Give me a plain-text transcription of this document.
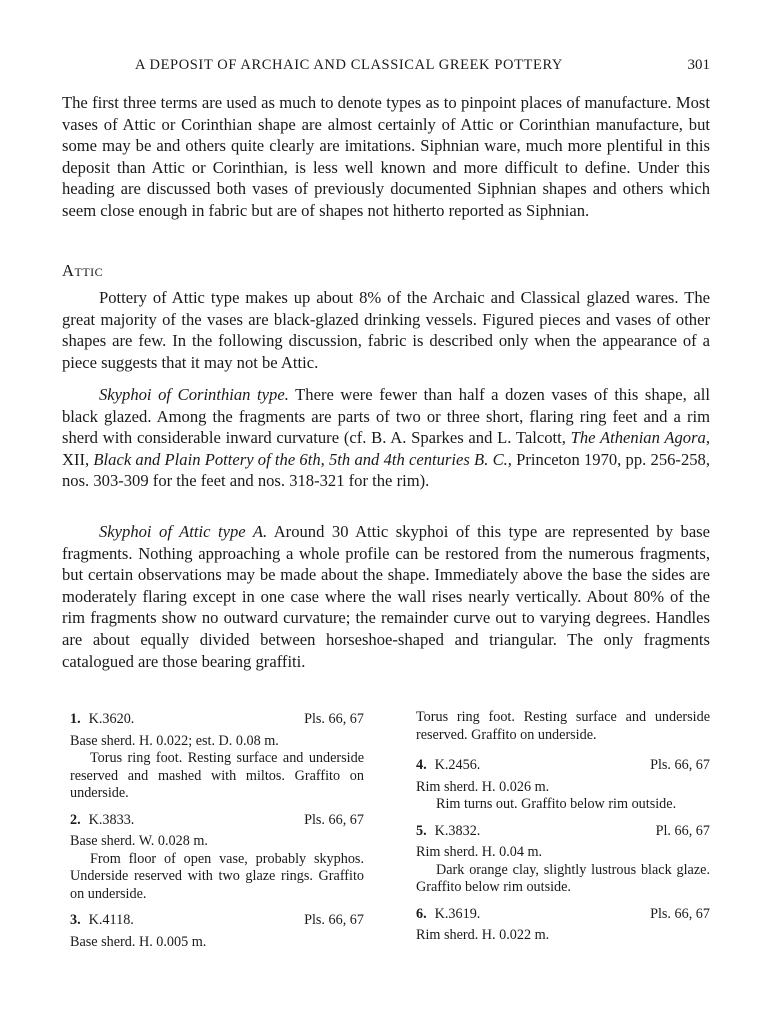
A DEPOSIT OF ARCHAIC AND CLASSICAL GREEK POTTERY	301

The first three terms are used as much to denote types as to pinpoint places of manufacture. Most vases of Attic or Corinthian shape are almost certainly of Attic or Corinthian manufacture, but some may be and others quite clearly are imitations. Siphnian ware, much more plentiful in this deposit than Attic or Corinthian, is less well known and more difficult to define. Under this heading are discussed both vases of previously documented Siphnian shapes and others which seem close enough in fabric but are of shapes not hitherto reported as Siphnian.

Attic

Pottery of Attic type makes up about 8% of the Archaic and Classical glazed wares. The great majority of the vases are black-glazed drinking vessels. Figured pieces and vases of other shapes are few. In the following discussion, fabric is described only when the appearance of a piece suggests that it may not be Attic.

Skyphoi of Corinthian type. There were fewer than half a dozen vases of this shape, all black glazed. Among the fragments are parts of two or three short, flaring ring feet and a rim sherd with considerable inward curvature (cf. B. A. Sparkes and L. Talcott, The Athenian Agora, XII, Black and Plain Pottery of the 6th, 5th and 4th centuries B. C., Princeton 1970, pp. 256-258, nos. 303-309 for the feet and nos. 318-321 for the rim).

Skyphoi of Attic type A. Around 30 Attic skyphoi of this type are represented by base fragments. Nothing approaching a whole profile can be restored from the numerous fragments, but certain observations may be made about the shape. Immediately above the base the sides are moderately flaring except in one case where the wall rises nearly vertically. About 80% of the rim fragments show no outward curvature; the remainder curve out to varying degrees. Handles are about equally divided between horseshoe-shaped and triangular. The only fragments catalogued are those bearing graffiti.

1. K.3620.	Pls. 66, 67

Base sherd. H. 0.022; est. D. 0.08 m.

Torus ring foot. Resting surface and underside reserved and mashed with miltos. Graffito on underside.

2. K.3833.	Pls. 66, 67

Base sherd. W. 0.028 m.

From floor of open vase, probably skyphos. Underside reserved with two glaze rings. Graffito on underside.

3. K.4118.	Pls. 66, 67

Base sherd. H. 0.005 m.

Torus ring foot. Resting surface and underside reserved. Graffito on underside.

4. K.2456.	Pls. 66, 67

Rim sherd. H. 0.026 m.

Rim turns out. Graffito below rim outside.

5. K.3832.	Pl. 66, 67

Rim sherd. H. 0.04 m.

Dark orange clay, slightly lustrous black glaze. Graffito below rim outside.

6. K.3619.	Pls. 66, 67

Rim sherd. H. 0.022 m.
